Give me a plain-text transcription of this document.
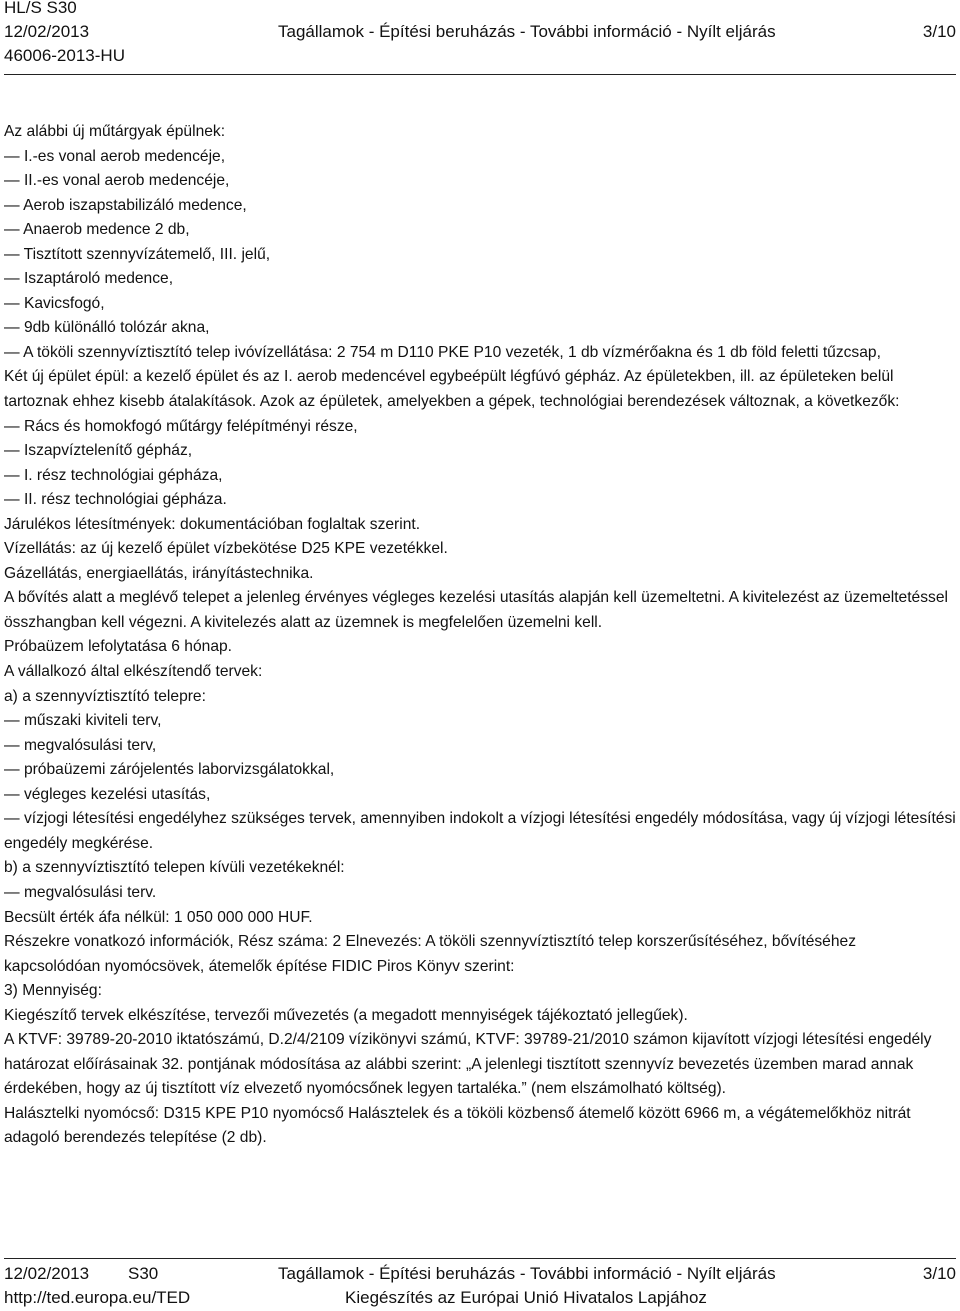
HL/S S30
12/02/2013	Tagállamok - Építési beruházás - További információ - Nyílt eljárás	3/10
46006-2013-HU

Az alábbi új műtárgyak épülnek:

— I.-es vonal aerob medencéje,

— II.-es vonal aerob medencéje,

— Aerob iszapstabilizáló medence,

— Anaerob medence 2 db,

— Tisztított szennyvízátemelő, III. jelű,

— Iszaptároló medence,

— Kavicsfogó,

— 9db különálló tolózár akna,

— A tököli szennyvíztisztító telep ivóvízellátása: 2 754 m D110 PKE P10 vezeték, 1 db vízmérőakna és 1 db föld feletti tűzcsap,

Két új épület épül: a kezelő épület és az I. aerob medencével egybeépült légfúvó gépház. Az épületekben, ill. az épületeken belül tartoznak ehhez kisebb átalakítások. Azok az épületek, amelyekben a gépek, technológiai berendezések változnak, a következők:

— Rács és homokfogó műtárgy felépítményi része,

— Iszapvíztelenítő gépház,

— I. rész technológiai gépháza,

— II. rész technológiai gépháza.

Járulékos létesítmények: dokumentációban foglaltak szerint.

Vízellátás: az új kezelő épület vízbekötése D25 KPE vezetékkel.

Gázellátás, energiaellátás, irányítástechnika.

A bővítés alatt a meglévő telepet a jelenleg érvényes végleges kezelési utasítás alapján kell üzemeltetni. A kivitelezést az üzemeltetéssel összhangban kell végezni. A kivitelezés alatt az üzemnek is megfelelően üzemelni kell.

Próbaüzem lefolytatása 6 hónap.

A vállalkozó által elkészítendő tervek:

a) a szennyvíztisztító telepre:

— műszaki kiviteli terv,

— megvalósulási terv,

— próbaüzemi zárójelentés laborvizsgálatokkal,

— végleges kezelési utasítás,

— vízjogi létesítési engedélyhez szükséges tervek, amennyiben indokolt a vízjogi létesítési engedély módosítása, vagy új vízjogi létesítési engedély megkérése.

b) a szennyvíztisztító telepen kívüli vezetékeknél:

— megvalósulási terv.

Becsült érték áfa nélkül: 1 050 000 000 HUF.

Részekre vonatkozó információk, Rész száma: 2 Elnevezés: A tököli szennyvíztisztító telep korszerűsítéséhez, bővítéséhez kapcsolódóan nyomócsövek, átemelők építése FIDIC Piros Könyv szerint:

3) Mennyiség:

Kiegészítő tervek elkészítése, tervezői művezetés (a megadott mennyiségek tájékoztató jellegűek).

A KTVF: 39789-20-2010 iktatószámú, D.2/4/2109 vízikönyvi számú, KTVF: 39789-21/2010 számon kijavított vízjogi létesítési engedély határozat előírásainak 32. pontjának módosítása az alábbi szerint: „A jelenlegi tisztított szennyvíz bevezetés üzemben marad annak érdekében, hogy az új tisztított víz elvezető nyomócsőnek legyen tartaléka.” (nem elszámolható költség).

Halásztelki nyomócső: D315 KPE P10 nyomócső Halásztelek és a tököli közbenső átemelő között 6966 m, a végátemelőkhöz nitrát adagoló berendezés telepítése (2 db).

12/02/2013 S30	Tagállamok - Építési beruházás - További információ - Nyílt eljárás	3/10
http://ted.europa.eu/TED	Kiegészítés az Európai Unió Hivatalos Lapjához
